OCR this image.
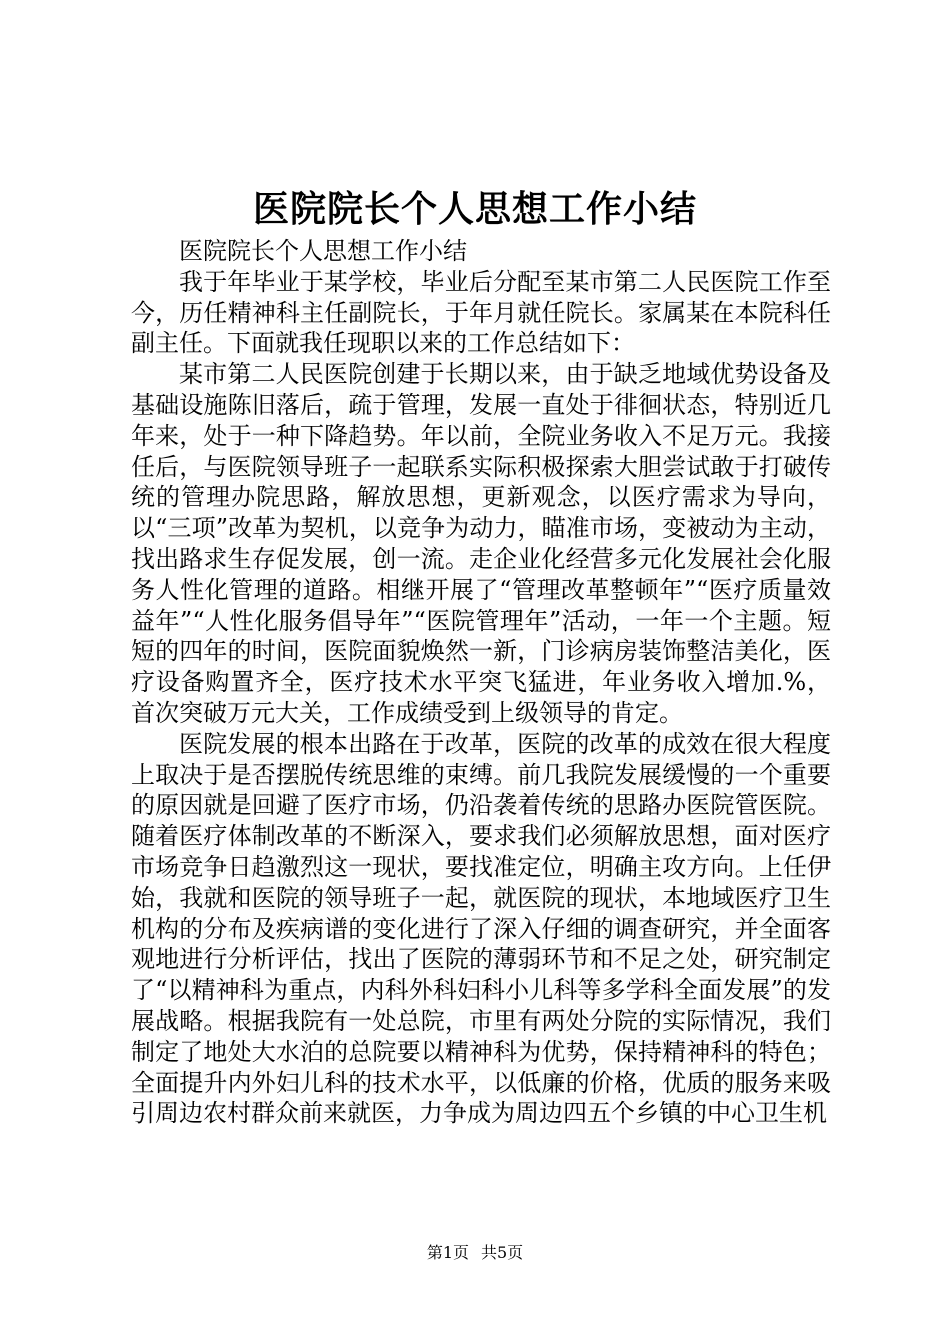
医院院长个人思想工作小结

医院院长个人思想工作小结

我于年毕业于某学校，毕业后分配至某市第二人民医院工作至今，历任精神科主任副院长，于年月就任院长。家属某在本院科任副主任。下面就我任现职以来的工作总结如下：

某市第二人民医院创建于长期以来，由于缺乏地域优势设备及基础设施陈旧落后，疏于管理，发展一直处于徘徊状态，特别近几年来，处于一种下降趋势。年以前，全院业务收入不足万元。我接任后，与医院领导班子一起联系实际积极探索大胆尝试敢于打破传统的管理办院思路，解放思想，更新观念，以医疗需求为导向，以“三项”改革为契机，以竞争为动力，瞄准市场，变被动为主动，找出路求生存促发展，创一流。走企业化经营多元化发展社会化服务人性化管理的道路。相继开展了“管理改革整顿年”“医疗质量效益年”“人性化服务倡导年”“医院管理年”活动，一年一个主题。短短的四年的时间，医院面貌焕然一新，门诊病房装饰整洁美化，医疗设备购置齐全，医疗技术水平突飞猛进，年业务收入增加.%，首次突破万元大关，工作成绩受到上级领导的肯定。

医院发展的根本出路在于改革，医院的改革的成效在很大程度上取决于是否摆脱传统思维的束缚。前几我院发展缓慢的一个重要的原因就是回避了医疗市场，仍沿袭着传统的思路办医院管医院。随着医疗体制改革的不断深入，要求我们必须解放思想，面对医疗市场竞争日趋激烈这一现状，要找准定位，明确主攻方向。上任伊始，我就和医院的领导班子一起，就医院的现状，本地域医疗卫生机构的分布及疾病谱的变化进行了深入仔细的调查研究，并全面客观地进行分析评估，找出了医院的薄弱环节和不足之处，研究制定了“以精神科为重点，内科外科妇科小儿科等多学科全面发展”的发展战略。根据我院有一处总院，市里有两处分院的实际情况，我们制定了地处大水泊的总院要以精神科为优势，保持精神科的特色；全面提升内外妇儿科的技术水平，以低廉的价格，优质的服务来吸引周边农村群众前来就医，力争成为周边四五个乡镇的中心卫生机

第1页 共5页
